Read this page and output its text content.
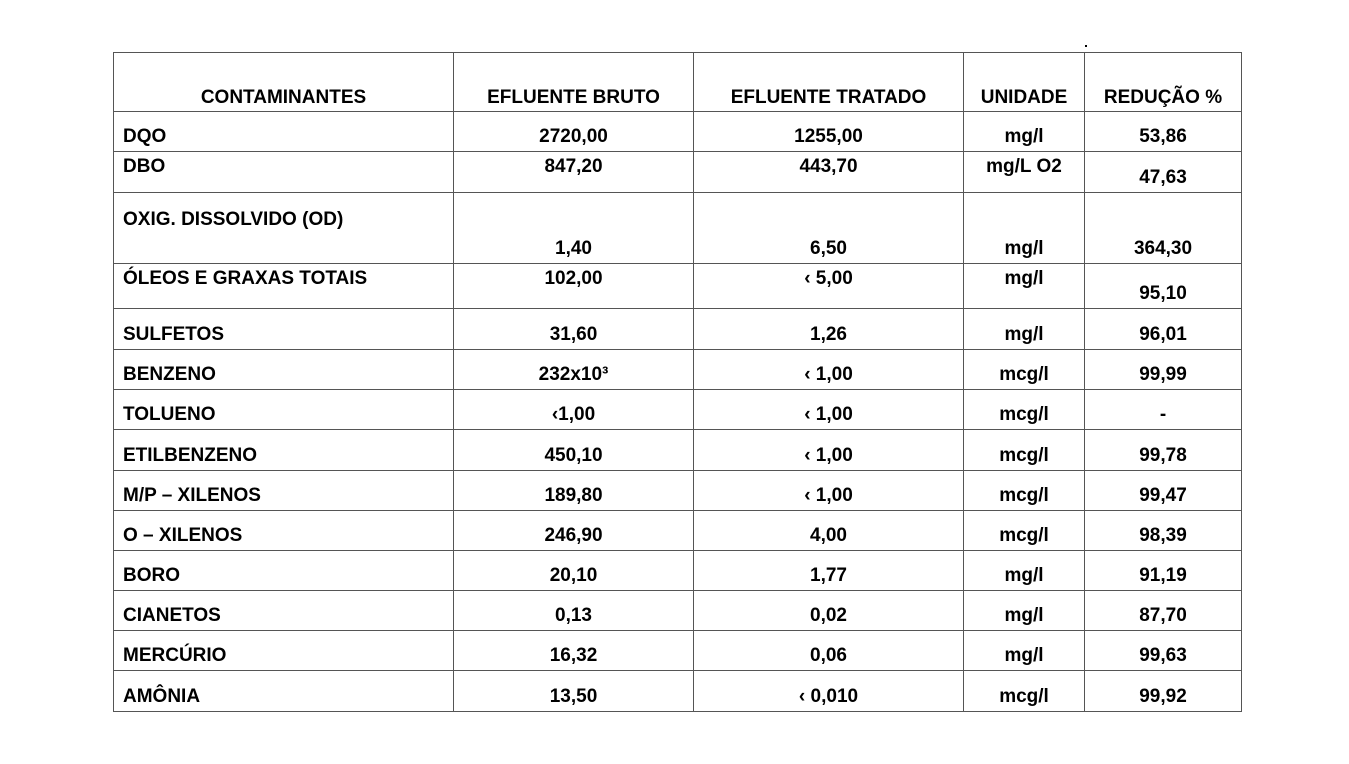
CONTAMINANTES	EFLUENTE BRUTO	EFLUENTE TRATADO	UNIDADE	REDUÇÃO %
DQO	2720,00	1255,00	mg/l	53,86
DBO	847,20	443,70	mg/L O2	47,63
OXIG. DISSOLVIDO (OD)	1,40	6,50	mg/l	364,30
ÓLEOS E GRAXAS TOTAIS	102,00	‹ 5,00	mg/l	95,10
SULFETOS	31,60	1,26	mg/l	96,01
BENZENO	232x10³	‹ 1,00	mcg/l	99,99
TOLUENO	‹1,00	‹ 1,00	mcg/l	-
ETILBENZENO	450,10	‹ 1,00	mcg/l	99,78
M/P – XILENOS	189,80	‹ 1,00	mcg/l	99,47
O – XILENOS	246,90	4,00	mcg/l	98,39
BORO	20,10	1,77	mg/l	91,19
CIANETOS	0,13	0,02	mg/l	87,70
MERCÚRIO	16,32	0,06	mg/l	99,63
AMÔNIA	13,50	‹ 0,010	mcg/l	99,92
